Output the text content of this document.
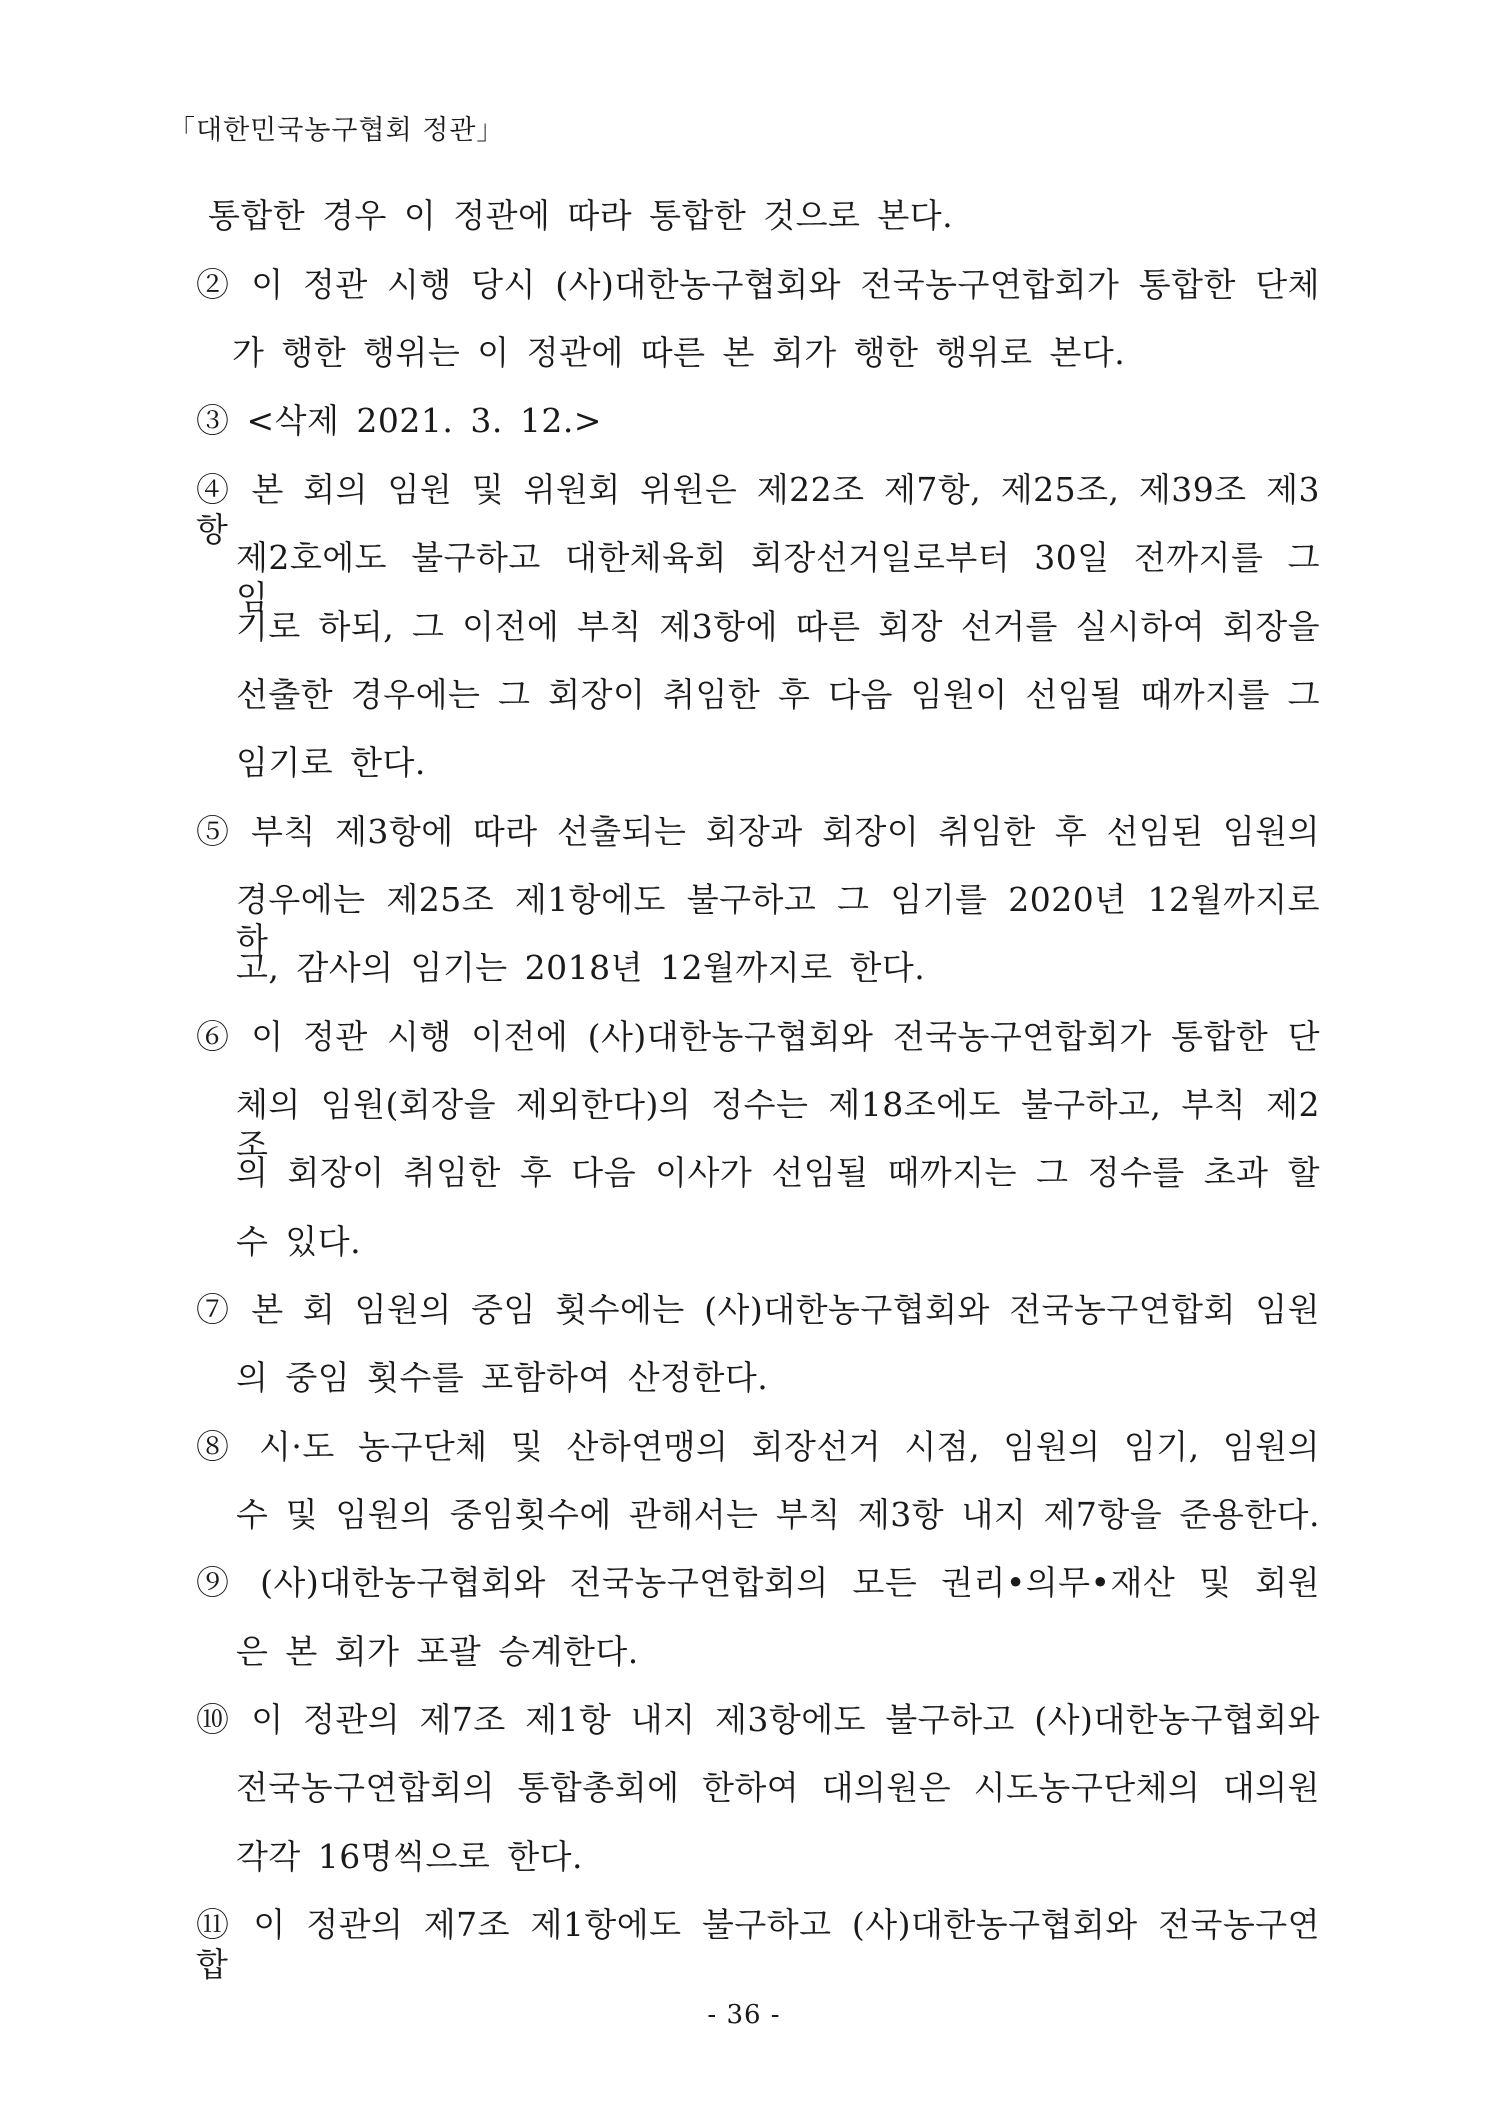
「대한민국농구협회 정관」
통합한 경우 이 정관에 따라 통합한 것으로 본다.
② 이 정관 시행 당시 (사)대한농구협회와 전국농구연합회가 통합한 단체
가 행한 행위는 이 정관에 따른 본 회가 행한 행위로 본다.
③ <삭제 2021. 3. 12.>
④ 본 회의 임원 및 위원회 위원은 제22조 제7항, 제25조, 제39조 제3항
제2호에도 불구하고 대한체육회 회장선거일로부터 30일 전까지를 그 임
기로 하되, 그 이전에 부칙 제3항에 따른 회장 선거를 실시하여 회장을
선출한 경우에는 그 회장이 취임한 후 다음 임원이 선임될 때까지를 그
임기로 한다.
⑤ 부칙 제3항에 따라 선출되는 회장과 회장이 취임한 후 선임된 임원의
경우에는 제25조 제1항에도 불구하고 그 임기를 2020년 12월까지로 하
고, 감사의 임기는 2018년 12월까지로 한다.
⑥ 이 정관 시행 이전에 (사)대한농구협회와 전국농구연합회가 통합한 단
체의 임원(회장을 제외한다)의 정수는 제18조에도 불구하고, 부칙 제2조
의 회장이 취임한 후 다음 이사가 선임될 때까지는 그 정수를 초과 할
수 있다.
⑦ 본 회 임원의 중임 횟수에는 (사)대한농구협회와 전국농구연합회 임원
의 중임 횟수를 포함하여 산정한다.
⑧ 시·도 농구단체 및 산하연맹의 회장선거 시점, 임원의 임기, 임원의
수 및 임원의 중임횟수에 관해서는 부칙 제3항 내지 제7항을 준용한다.
⑨ (사)대한농구협회와 전국농구연합회의 모든 권리•의무•재산 및 회원
은 본 회가 포괄 승계한다.
⑩ 이 정관의 제7조 제1항 내지 제3항에도 불구하고 (사)대한농구협회와
전국농구연합회의 통합총회에 한하여 대의원은 시도농구단체의 대의원
각각 16명씩으로 한다.
⑪ 이 정관의 제7조 제1항에도 불구하고 (사)대한농구협회와 전국농구연합
- 36 -
